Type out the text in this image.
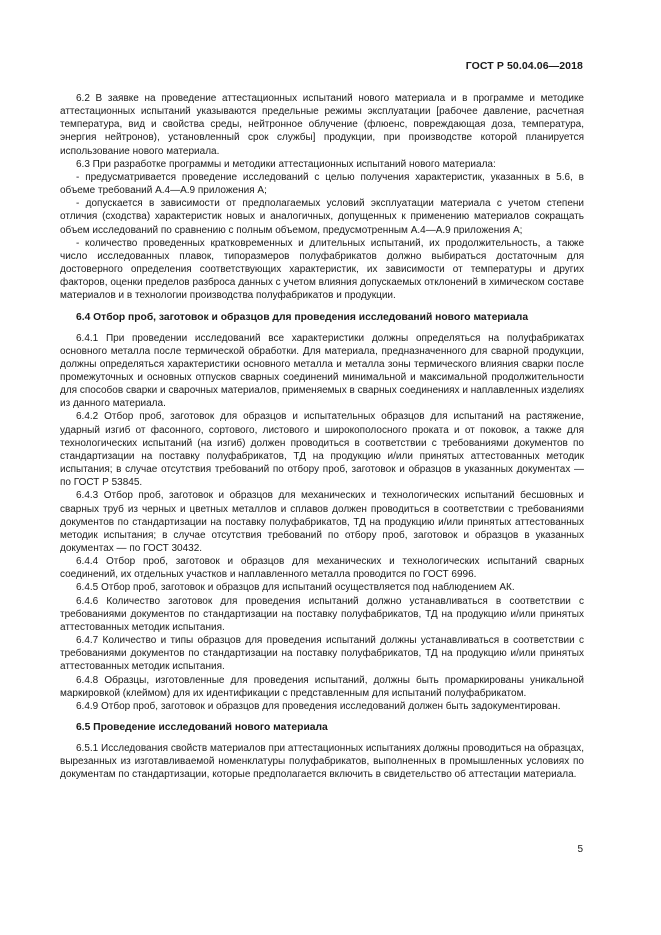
ГОСТ Р 50.04.06—2018

6.2 В заявке на проведение аттестационных испытаний нового материала и в программе и методике аттестационных испытаний указываются предельные режимы эксплуатации [рабочее давление, расчетная температура, вид и свойства среды, нейтронное облучение (флюенс, повреждающая доза, температура, энергия нейтронов), установленный срок службы] продукции, при производстве которой планируется использование нового материала.

6.3 При разработке программы и методики аттестационных испытаний нового материала:

- предусматривается проведение исследований с целью получения характеристик, указанных в 5.6, в объеме требований А.4—А.9 приложения А;

- допускается в зависимости от предполагаемых условий эксплуатации материала с учетом степени отличия (сходства) характеристик новых и аналогичных, допущенных к применению материалов сокращать объем исследований по сравнению с полным объемом, предусмотренным А.4—А.9 приложения А;

- количество проведенных кратковременных и длительных испытаний, их продолжительность, а также число исследованных плавок, типоразмеров полуфабрикатов должно выбираться достаточным для достоверного определения соответствующих характеристик, их зависимости от температуры и других факторов, оценки пределов разброса данных с учетом влияния допускаемых отклонений в химическом составе материалов и в технологии производства полуфабрикатов и продукции.

6.4 Отбор проб, заготовок и образцов для проведения исследований нового материала

6.4.1 При проведении исследований все характеристики должны определяться на полуфабрикатах основного металла после термической обработки. Для материала, предназначенного для сварной продукции, должны определяться характеристики основного металла и металла зоны термического влияния сварки после промежуточных и основных отпусков сварных соединений минимальной и максимальной продолжительности для способов сварки и сварочных материалов, применяемых в сварных соединениях и наплавленных изделиях из данного материала.

6.4.2 Отбор проб, заготовок для образцов и испытательных образцов для испытаний на растяжение, ударный изгиб от фасонного, сортового, листового и широкополосного проката и от поковок, а также для технологических испытаний (на изгиб) должен проводиться в соответствии с требованиями документов по стандартизации на поставку полуфабрикатов, ТД на продукцию и/или принятых аттестованных методик испытания; в случае отсутствия требований по отбору проб, заготовок и образцов в указанных документах — по ГОСТ Р 53845.

6.4.3 Отбор проб, заготовок и образцов для механических и технологических испытаний бесшовных и сварных труб из черных и цветных металлов и сплавов должен проводиться в соответствии с требованиями документов по стандартизации на поставку полуфабрикатов, ТД на продукцию и/или принятых аттестованных методик испытания; в случае отсутствия требований по отбору проб, заготовок и образцов в указанных документах — по ГОСТ 30432.

6.4.4 Отбор проб, заготовок и образцов для механических и технологических испытаний сварных соединений, их отдельных участков и наплавленного металла проводится по ГОСТ 6996.

6.4.5 Отбор проб, заготовок и образцов для испытаний осуществляется под наблюдением АК.

6.4.6 Количество заготовок для проведения испытаний должно устанавливаться в соответствии с требованиями документов по стандартизации на поставку полуфабрикатов, ТД на продукцию и/или принятых аттестованных методик испытания.

6.4.7 Количество и типы образцов для проведения испытаний должны устанавливаться в соответствии с требованиями документов по стандартизации на поставку полуфабрикатов, ТД на продукцию и/или принятых аттестованных методик испытания.

6.4.8 Образцы, изготовленные для проведения испытаний, должны быть промаркированы уникальной маркировкой (клеймом) для их идентификации с представленным для испытаний полуфабрикатом.

6.4.9 Отбор проб, заготовок и образцов для проведения исследований должен быть задокументирован.

6.5 Проведение исследований нового материала

6.5.1 Исследования свойств материалов при аттестационных испытаниях должны проводиться на образцах, вырезанных из изготавливаемой номенклатуры полуфабрикатов, выполненных в промышленных условиях по документам по стандартизации, которые предполагается включить в свидетельство об аттестации материала.

5
